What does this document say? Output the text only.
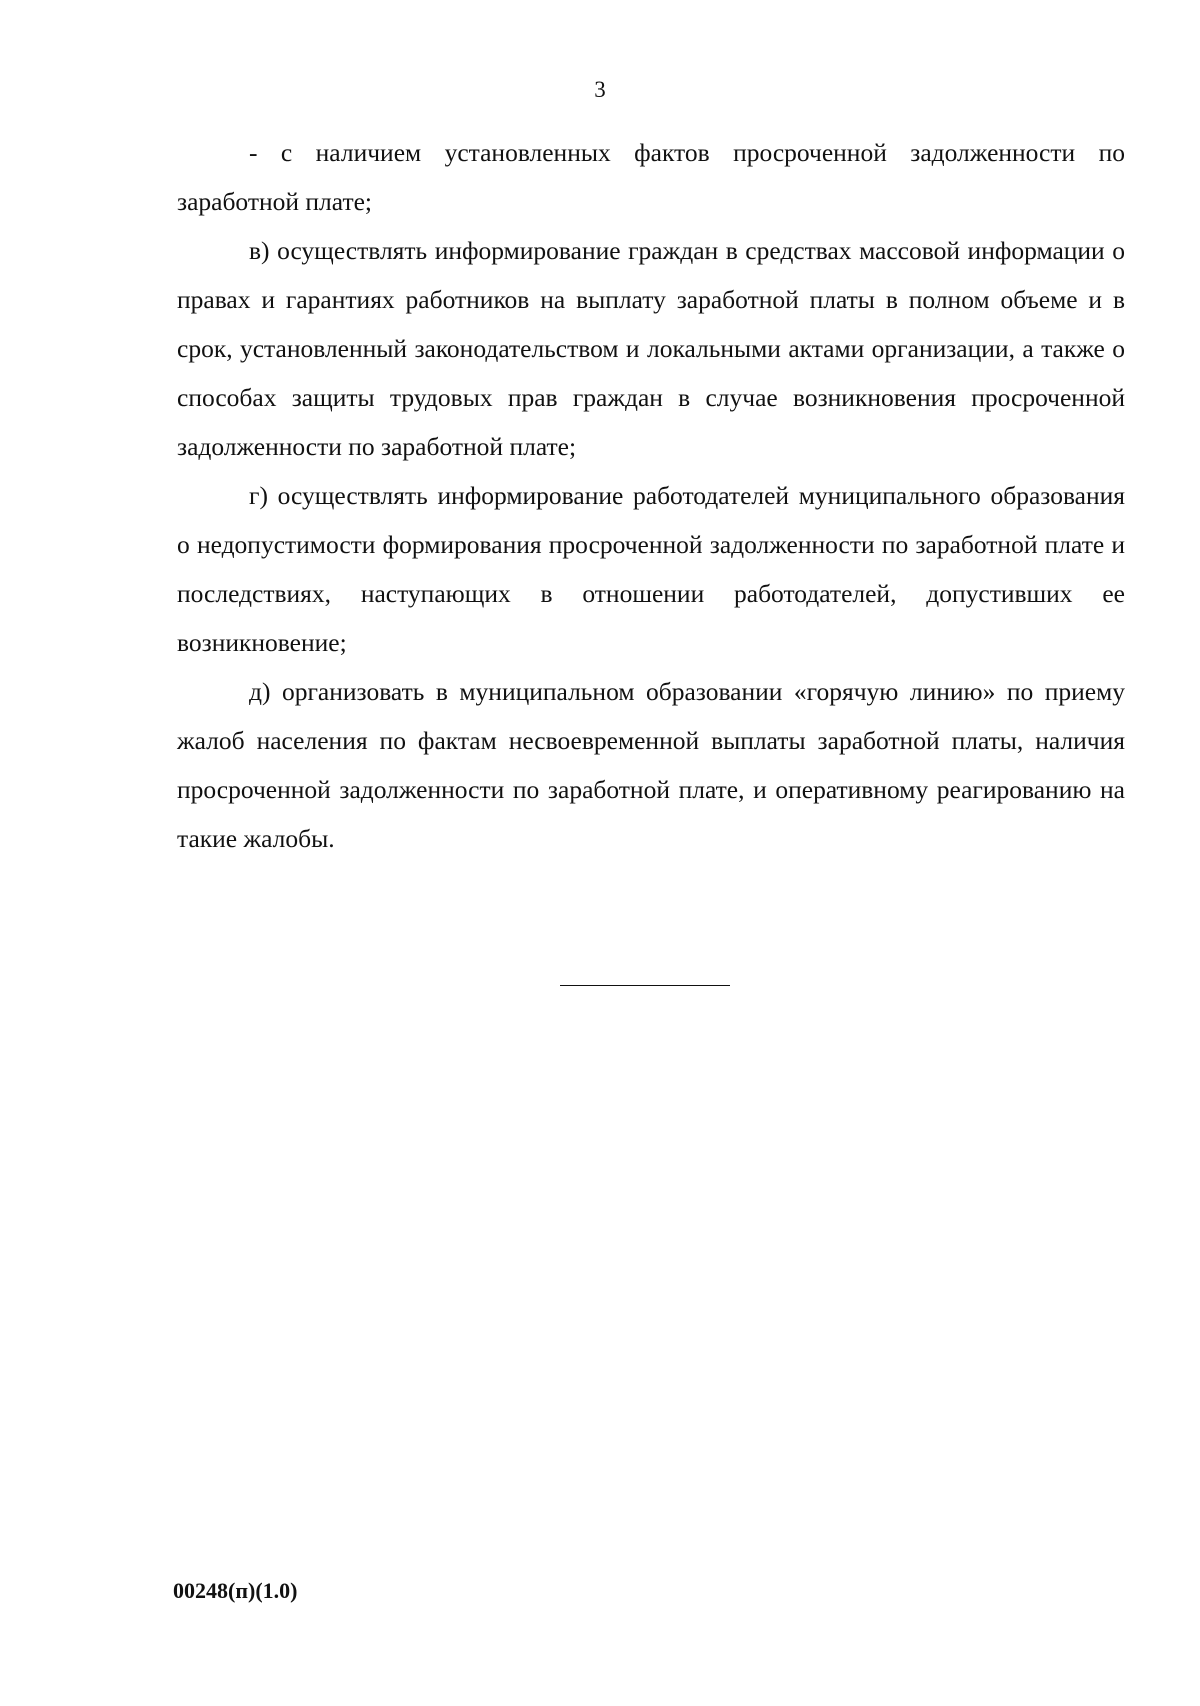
3

- с наличием установленных фактов просроченной задолженности по заработной плате;

в) осуществлять информирование граждан в средствах массовой информации о правах и гарантиях работников на выплату заработной платы в полном объеме и в срок, установленный законодательством и локальными актами организации, а также о способах защиты трудовых прав граждан в случае возникновения просроченной задолженности по заработной плате;

г) осуществлять информирование работодателей муниципального образования о недопустимости формирования просроченной задолженности по заработной плате и последствиях, наступающих в отношении работодателей, допустивших ее возникновение;

д) организовать в муниципальном образовании «горячую линию» по приему жалоб населения по фактам несвоевременной выплаты заработной платы, наличия просроченной задолженности по заработной плате, и оперативному реагированию на такие жалобы.

00248(п)(1.0)
